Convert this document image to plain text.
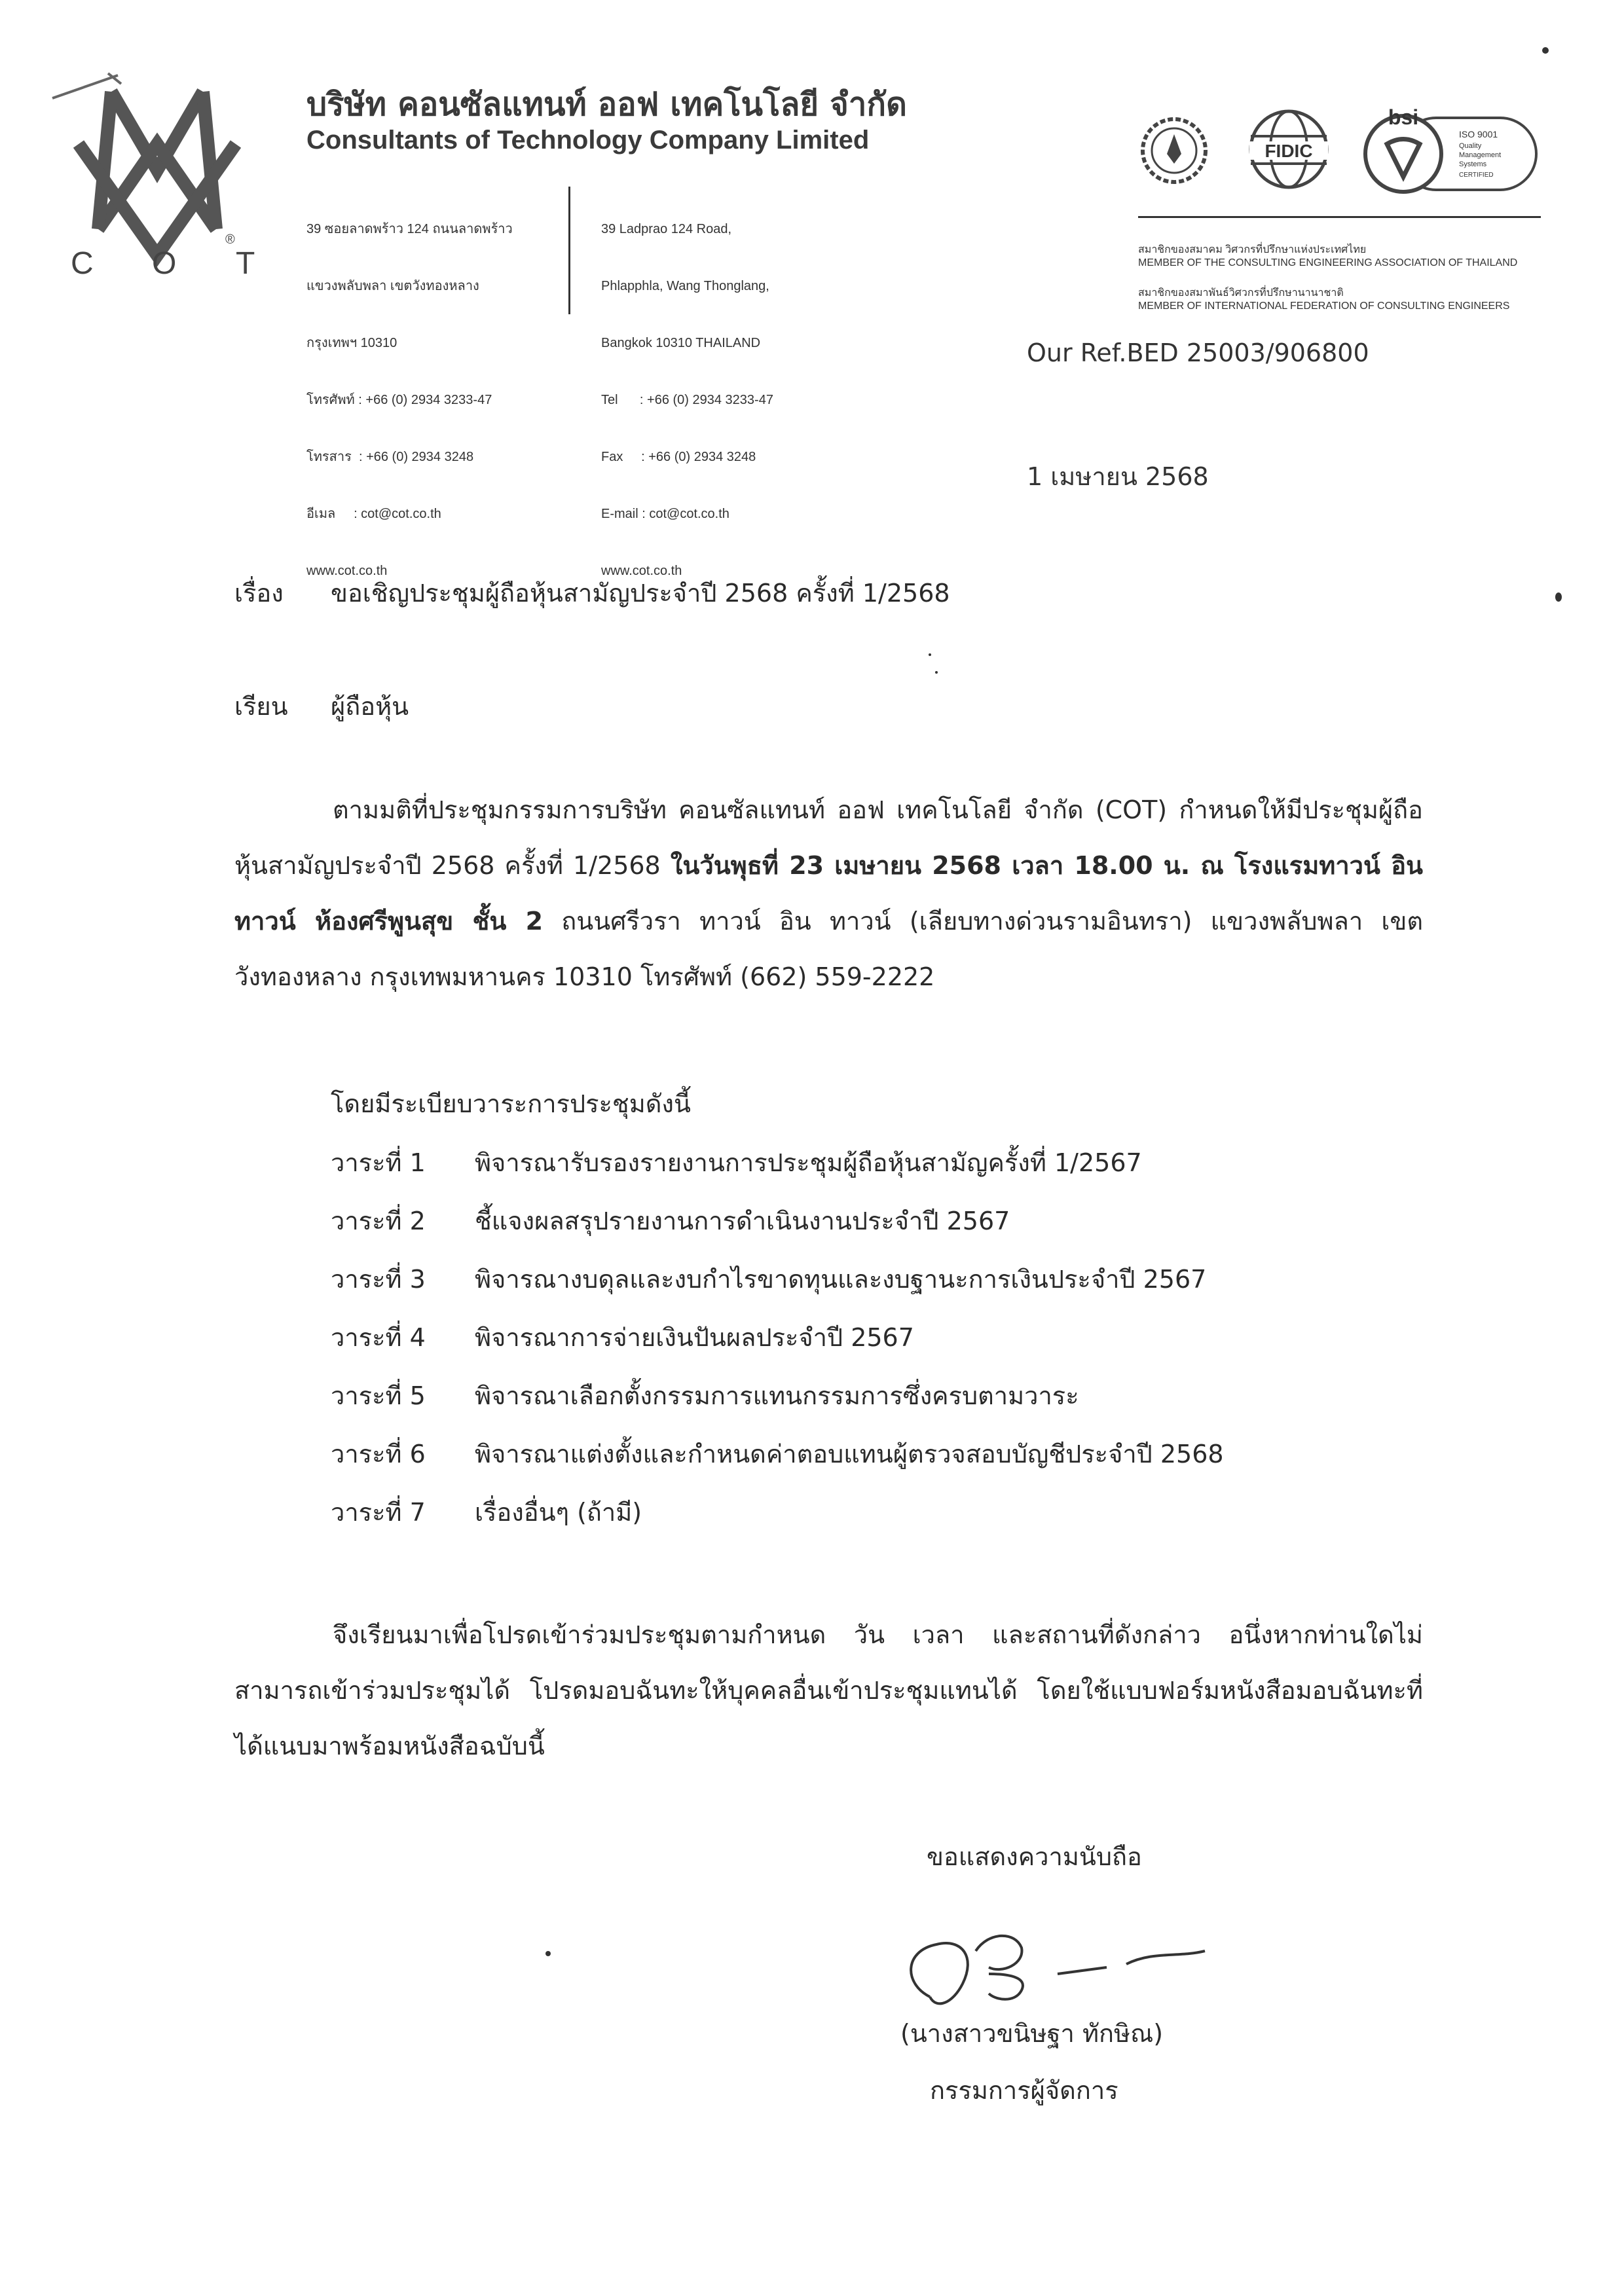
C O T
®
บริษัท คอนซัลแทนท์ ออฟ เทคโนโลยี จำกัด
Consultants of Technology Company Limited

39 ซอยลาดพร้าว 124 ถนนลาดพร้าว

แขวงพลับพลา เขตวังทองหลาง

กรุงเทพฯ 10310

โทรศัพท์ : +66 (0) 2934 3233-47

โทรสาร  : +66 (0) 2934 3248

อีเมล     : cot@cot.co.th

www.cot.co.th

39 Ladprao 124 Road,

Phlapphla, Wang Thonglang,

Bangkok 10310 THAILAND

Tel      : +66 (0) 2934 3233-47

Fax     : +66 (0) 2934 3248

E-mail : cot@cot.co.th

www.cot.co.th

FIDIC
bsi
ISO 9001
Quality
Management
Systems
CERTIFIED
สมาชิกของสมาคม วิศวกรที่ปรึกษาแห่งประเทศไทย
MEMBER OF THE CONSULTING ENGINEERING ASSOCIATION OF THAILAND
สมาชิกของสมาพันธ์วิศวกรที่ปรึกษานานาชาติ
MEMBER OF INTERNATIONAL FEDERATION OF CONSULTING ENGINEERS
Our Ref.BED 25003/906800
1 เมษายน 2568
เรื่อง ขอเชิญประชุมผู้ถือหุ้นสามัญประจำปี 2568 ครั้งที่ 1/2568
เรียน ผู้ถือหุ้น
ตามมติที่ประชุมกรรมการบริษัท คอนซัลแทนท์ ออฟ เทคโนโลยี จำกัด (COT) กำหนดให้มีประชุมผู้ถือหุ้นสามัญประจำปี 2568 ครั้งที่ 1/2568 ในวันพุธที่ 23 เมษายน 2568 เวลา 18.00 น. ณ โรงแรมทาวน์ อิน ทาวน์ ห้องศรีพูนสุข ชั้น 2 ถนนศรีวรา ทาวน์ อิน ทาวน์ (เลียบทางด่วนรามอินทรา) แขวงพลับพลา เขตวังทองหลาง กรุงเทพมหานคร 10310 โทรศัพท์ (662) 559-2222
โดยมีระเบียบวาระการประชุมดังนี้
วาระที่ 1 พิจารณารับรองรายงานการประชุมผู้ถือหุ้นสามัญครั้งที่ 1/2567
วาระที่ 2 ชี้แจงผลสรุปรายงานการดำเนินงานประจำปี 2567
วาระที่ 3 พิจารณางบดุลและงบกำไรขาดทุนและงบฐานะการเงินประจำปี 2567
วาระที่ 4 พิจารณาการจ่ายเงินปันผลประจำปี 2567
วาระที่ 5 พิจารณาเลือกตั้งกรรมการแทนกรรมการซึ่งครบตามวาระ
วาระที่ 6 พิจารณาแต่งตั้งและกำหนดค่าตอบแทนผู้ตรวจสอบบัญชีประจำปี 2568
วาระที่ 7 เรื่องอื่นๆ (ถ้ามี)
จึงเรียนมาเพื่อโปรดเข้าร่วมประชุมตามกำหนด วัน เวลา และสถานที่ดังกล่าว อนึ่งหากท่านใดไม่สามารถเข้าร่วมประชุมได้ โปรดมอบฉันทะให้บุคคลอื่นเข้าประชุมแทนได้ โดยใช้แบบฟอร์มหนังสือมอบฉันทะที่ได้แนบมาพร้อมหนังสือฉบับนี้
ขอแสดงความนับถือ
(นางสาวขนิษฐา ทักษิณ)
กรรมการผู้จัดการ
